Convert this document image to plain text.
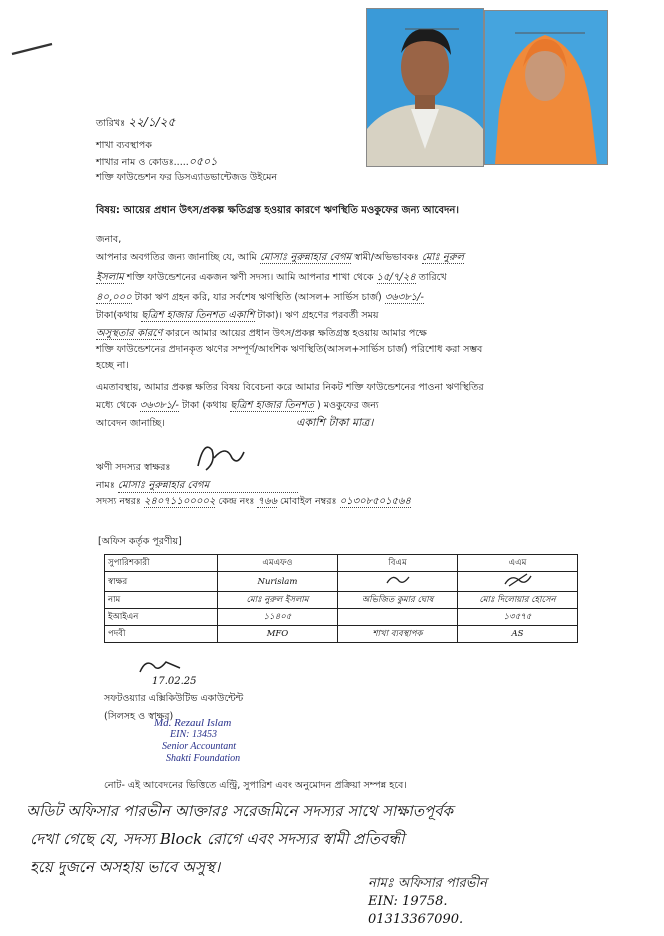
তারিখঃ ২২/১/২৫
শাখা ব্যবস্থাপক
শাখার নাম ও কোডঃ.....০৫০১
শক্তি ফাউন্ডেশন ফর ডিসএ্যাডভান্টেজড উইমেন
বিষয়: আয়ের প্রধান উৎস/প্রকল্প ক্ষতিগ্রস্ত হওয়ার কারণে ঋণস্থিতি মওকুফের জন্য আবেদন।
জনাব,
আপনার অবগতির জন্য জানাচ্ছি যে, আমি মোসাঃ নুরুন্নাহার বেগম স্বামী/অভিভাবকঃ মোঃ নুরুল
ইসলাম শক্তি ফাউন্ডেশনের একজন ঋণী সদস্য। আমি আপনার শাখা থেকে ১৫/৭/২৪ তারিখে
৪০,০০০ টাকা ঋণ গ্রহন করি, যার সর্বশেষ ঋণস্থিতি (আসল+ সার্ভিস চার্জ) ৩৬৩৮১/-
টাকা(কথায় ছত্রিশ হাজার তিনশত একাশি টাকা)। ঋণ গ্রহণের পরবর্তী সময়
অসুস্থতার কারণে কারনে আমার আয়ের প্রধান উৎস/প্রকল্প ক্ষতিগ্রস্ত হওয়ায় আমার পক্ষে
শক্তি ফাউন্ডেশনের প্রদানকৃত ঋণের সম্পূর্ণ/আংশিক ঋণস্থিতি(আসল+সার্ভিস চার্জ) পরিশোধ করা সম্ভব
হচ্ছে না।
এমতাবস্থায়, আমার প্রকল্প ক্ষতির বিষয় বিবেচনা করে আমার নিকট শক্তি ফাউন্ডেশনের পাওনা ঋণস্থিতির
মধ্যে থেকে ৩৬৩৮১/- টাকা (কথায় ছত্রিশ হাজার তিনশত ) মওকুফের জন্য
একাশি টাকা মাত্র।
আবেদন জানাচ্ছি।
ঋণী সদস্যর স্বাক্ষরঃ
নামঃ মোসাঃ নুরুন্নাহার বেগম
সদস্য নম্বরঃ ২৪০৭১১০০০০২ কেন্দ্র নংঃ ৭৬৬ মোবাইল নম্বরঃ ০১৩০৮৫০১৫৬৪
[অফিস কর্তৃক পূরণীয়]
সুপারিশকারী	এমএফও	বিএম	এএম
স্বাক্ষর	Nurislam		
নাম	মোঃ নুরুল ইসলাম	অভিজিত কুমার ঘোষ	মোঃ দিলোয়ার হোসেন
ইআইএন	১১৪০৫		১৩৫৭৫
পদবী	MFO	শাখা ব্যবস্থাপক	AS
17.02.25
সফটওয়্যার এক্সিকিউটিভ একাউন্টেন্ট
(সিলসহ ও স্বাক্ষর)
Md. Rezaul Islam
EIN: 13453
Senior Accountant
Shakti Foundation
নোট- এই আবেদনের ভিত্তিতে এন্ট্রি, সুপারিশ এবং অনুমোদন প্রক্রিয়া সম্পন্ন হবে।
অডিট অফিসার পারভীন আক্তারঃ সরেজমিনে সদস্যর সাথে সাক্ষাতপূর্বক
দেখা গেছে যে, সদস্য Block রোগে এবং সদস্যর স্বামী প্রতিবন্ধী
হয়ে দুজনে অসহায় ভাবে অসুস্থ।
নামঃ অফিসার পারভীন
EIN: 19758.
01313367090.
